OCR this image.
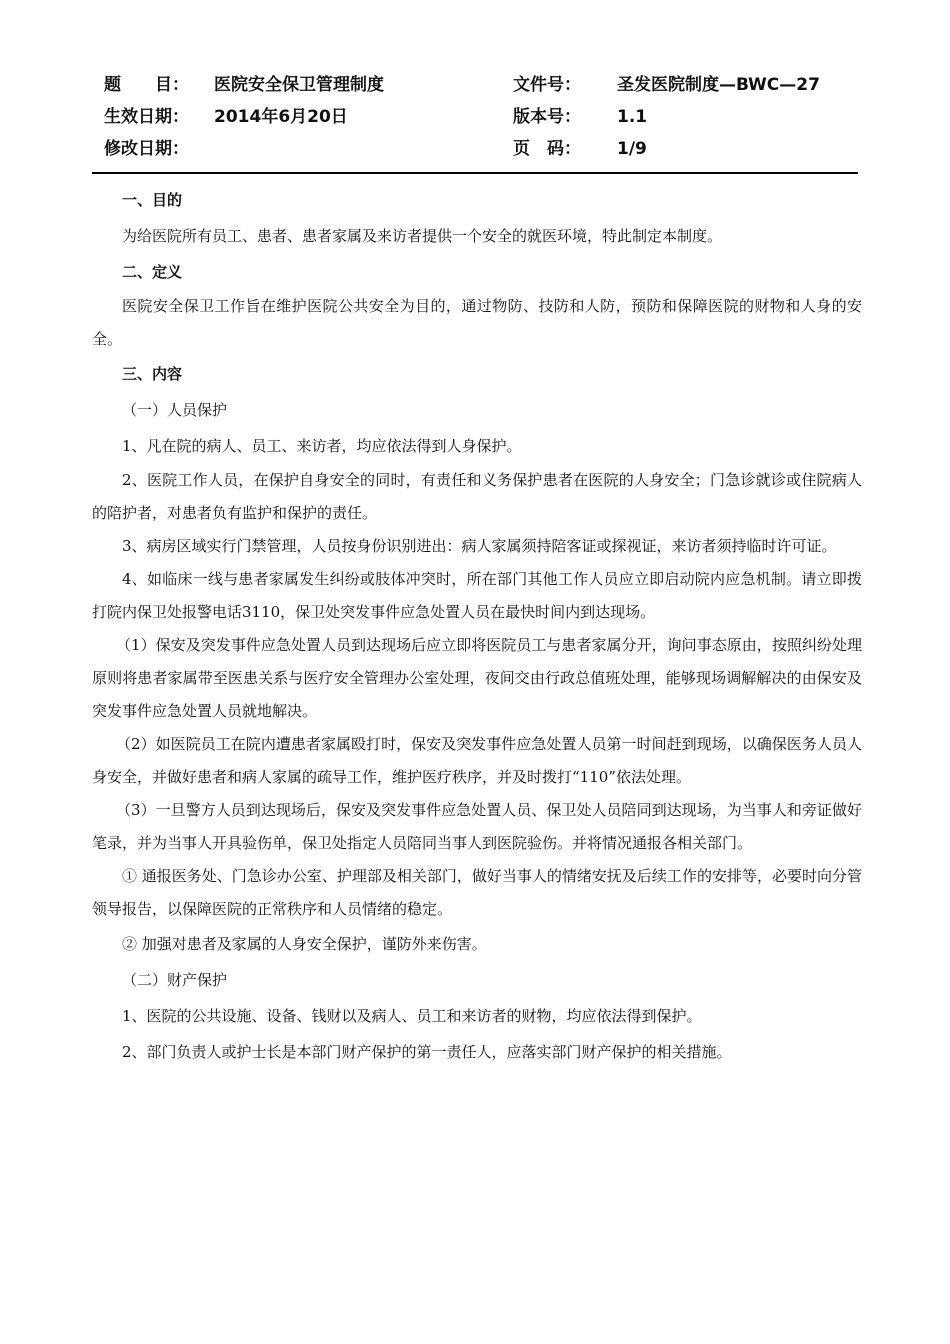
题　　目： 医院安全保卫管理制度	文件号： 圣发医院制度—BWC—27
生效日期： 2014年6月20日	版本号： 1.1
修改日期：	页　码： 1/9

一、目的

为给医院所有员工、患者、患者家属及来访者提供一个安全的就医环境，特此制定本制度。

二、定义

医院安全保卫工作旨在维护医院公共安全为目的，通过物防、技防和人防，预防和保障医院的财物和人身的安全。

三、内容

（一）人员保护

1、凡在院的病人、员工、来访者，均应依法得到人身保护。

2、医院工作人员，在保护自身安全的同时，有责任和义务保护患者在医院的人身安全；门急诊就诊或住院病人的陪护者，对患者负有监护和保护的责任。

3、病房区域实行门禁管理，人员按身份识别进出：病人家属须持陪客证或探视证，来访者须持临时许可证。

4、如临床一线与患者家属发生纠纷或肢体冲突时，所在部门其他工作人员应立即启动院内应急机制。请立即拨打院内保卫处报警电话3110，保卫处突发事件应急处置人员在最快时间内到达现场。

（1）保安及突发事件应急处置人员到达现场后应立即将医院员工与患者家属分开，询问事态原由，按照纠纷处理原则将患者家属带至医患关系与医疗安全管理办公室处理，夜间交由行政总值班处理，能够现场调解解决的由保安及突发事件应急处置人员就地解决。

（2）如医院员工在院内遭患者家属殴打时，保安及突发事件应急处置人员第一时间赶到现场，以确保医务人员人身安全，并做好患者和病人家属的疏导工作，维护医疗秩序，并及时拨打“110”依法处理。

（3）一旦警方人员到达现场后，保安及突发事件应急处置人员、保卫处人员陪同到达现场，为当事人和旁证做好笔录，并为当事人开具验伤单，保卫处指定人员陪同当事人到医院验伤。并将情况通报各相关部门。

① 通报医务处、门急诊办公室、护理部及相关部门，做好当事人的情绪安抚及后续工作的安排等，必要时向分管领导报告，以保障医院的正常秩序和人员情绪的稳定。

② 加强对患者及家属的人身安全保护，谨防外来伤害。

（二）财产保护

1、医院的公共设施、设备、钱财以及病人、员工和来访者的财物，均应依法得到保护。

2、部门负责人或护士长是本部门财产保护的第一责任人，应落实部门财产保护的相关措施。
